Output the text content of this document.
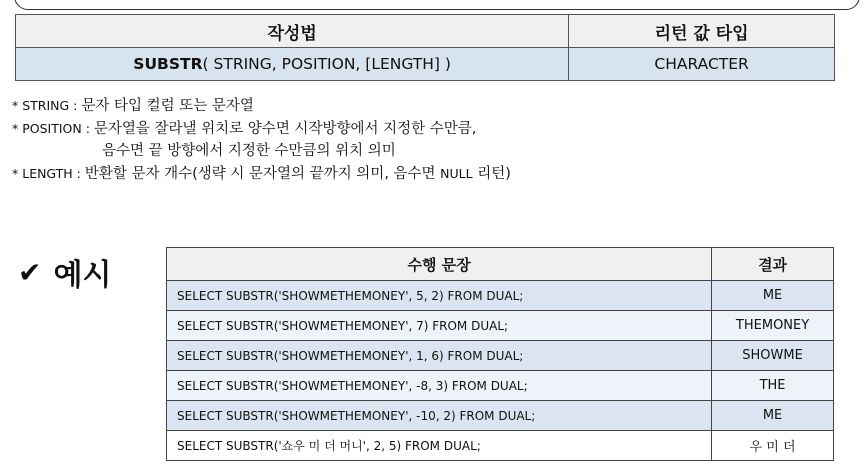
작성법	리턴 값 타입
SUBSTR( STRING, POSITION, [LENGTH] )	CHARACTER
* STRING : 문자 타입 컬럼 또는 문자열
* POSITION : 문자열을 잘라낼 위치로 양수면 시작방향에서 지정한 수만큼,
음수면 끝 방향에서 지정한 수만큼의 위치 의미
* LENGTH : 반환할 문자 개수(생략 시 문자열의 끝까지 의미, 음수면 NULL 리턴)
✔ 예시	수행 문장	결과
SELECT SUBSTR('SHOWMETHEMONEY', 5, 2) FROM DUAL;	ME
SELECT SUBSTR('SHOWMETHEMONEY', 7) FROM DUAL;	THEMONEY
SELECT SUBSTR('SHOWMETHEMONEY', 1, 6) FROM DUAL;	SHOWME
SELECT SUBSTR('SHOWMETHEMONEY', -8, 3) FROM DUAL;	THE
SELECT SUBSTR('SHOWMETHEMONEY', -10, 2) FROM DUAL;	ME
SELECT SUBSTR('쇼우 미 더 머니', 2, 5) FROM DUAL;	우 미 더
